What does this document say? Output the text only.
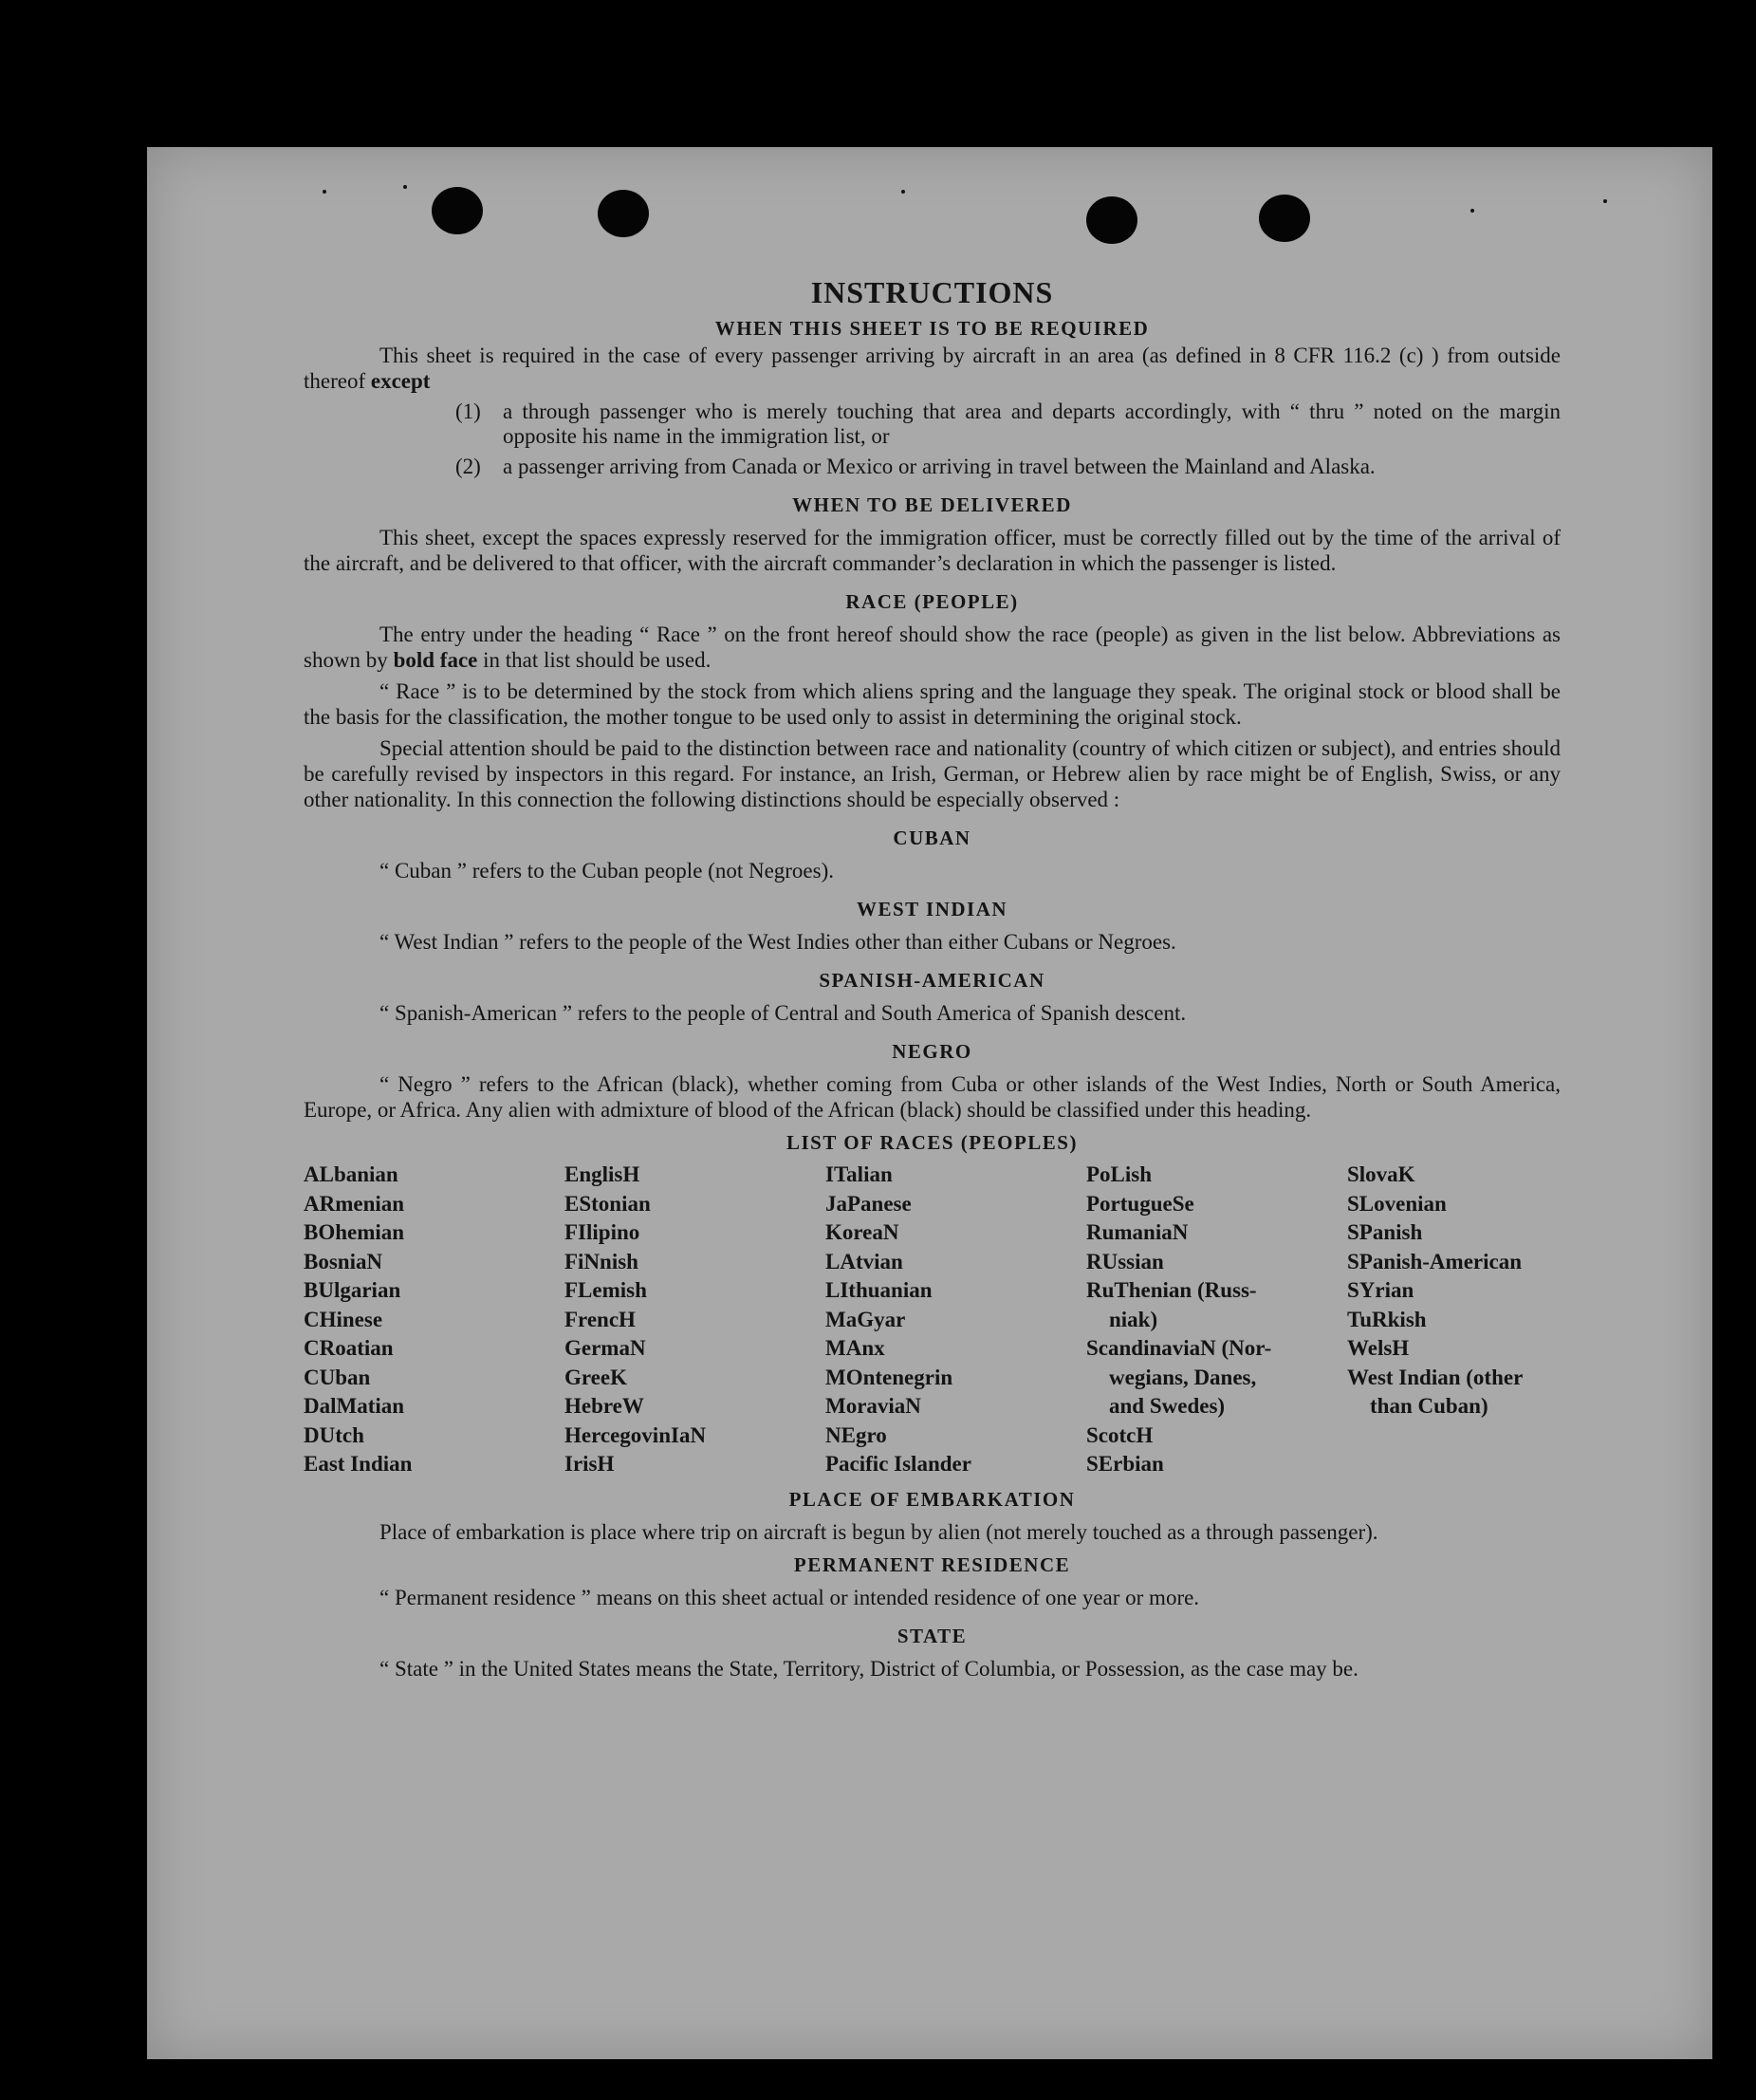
INSTRUCTIONS
WHEN THIS SHEET IS TO BE REQUIRED

This sheet is required in the case of every passenger arriving by aircraft in an area (as defined in 8 CFR 116.2 (c) ) from outside thereof except

(1)	a through passenger who is merely touching that area and departs accordingly, with “ thru ” noted on the margin opposite his name in the immigration list, or
(2)	a passenger arriving from Canada or Mexico or arriving in travel between the Mainland and Alaska.
WHEN TO BE DELIVERED

This sheet, except the spaces expressly reserved for the immigration officer, must be correctly filled out by the time of the arrival of the aircraft, and be delivered to that officer, with the aircraft commander’s declaration in which the passenger is listed.

RACE (PEOPLE)

The entry under the heading “ Race ” on the front hereof should show the race (people) as given in the list below. Abbreviations as shown by bold face in that list should be used.

“ Race ” is to be determined by the stock from which aliens spring and the language they speak. The original stock or blood shall be the basis for the classification, the mother tongue to be used only to assist in determining the original stock.

Special attention should be paid to the distinction between race and nationality (country of which citizen or subject), and entries should be carefully revised by inspectors in this regard. For instance, an Irish, German, or Hebrew alien by race might be of English, Swiss, or any other nationality. In this connection the following distinctions should be especially observed :

CUBAN

“ Cuban ” refers to the Cuban people (not Negroes).

WEST INDIAN

“ West Indian ” refers to the people of the West Indies other than either Cubans or Negroes.

SPANISH-AMERICAN

“ Spanish-American ” refers to the people of Central and South America of Spanish descent.

NEGRO

“ Negro ” refers to the African (black), whether coming from Cuba or other islands of the West Indies, North or South America, Europe, or Africa. Any alien with admixture of blood of the African (black) should be classified under this heading.

LIST OF RACES (PEOPLES)
ALbanian	EnglisH	ITalian	PoLish	SlovaK
ARmenian	EStonian	JaPanese	PortugueSe	SLovenian
BOhemian	FIlipino	KoreaN	RumaniaN	SPanish
BosniaN	FiNnish	LAtvian	RUssian	SPanish-American
BUlgarian	FLemish	LIthuanian	RuThenian (Russ-	SYrian
CHinese	FrencH	MaGyar	niak)	TuRkish
CRoatian	GermaN	MAnx	ScandinaviaN (Nor-	WelsH
CUban	GreeK	MOntenegrin	wegians, Danes,	West Indian (other
DalMatian	HebreW	MoraviaN	and Swedes)	than Cuban)
DUtch	HercegovinIaN	NEgro	ScotcH
East Indian	IrisH	Pacific Islander	SErbian
PLACE OF EMBARKATION

Place of embarkation is place where trip on aircraft is begun by alien (not merely touched as a through passenger).

PERMANENT RESIDENCE

“ Permanent residence ” means on this sheet actual or intended residence of one year or more.

STATE

“ State ” in the United States means the State, Territory, District of Columbia, or Possession, as the case may be.
